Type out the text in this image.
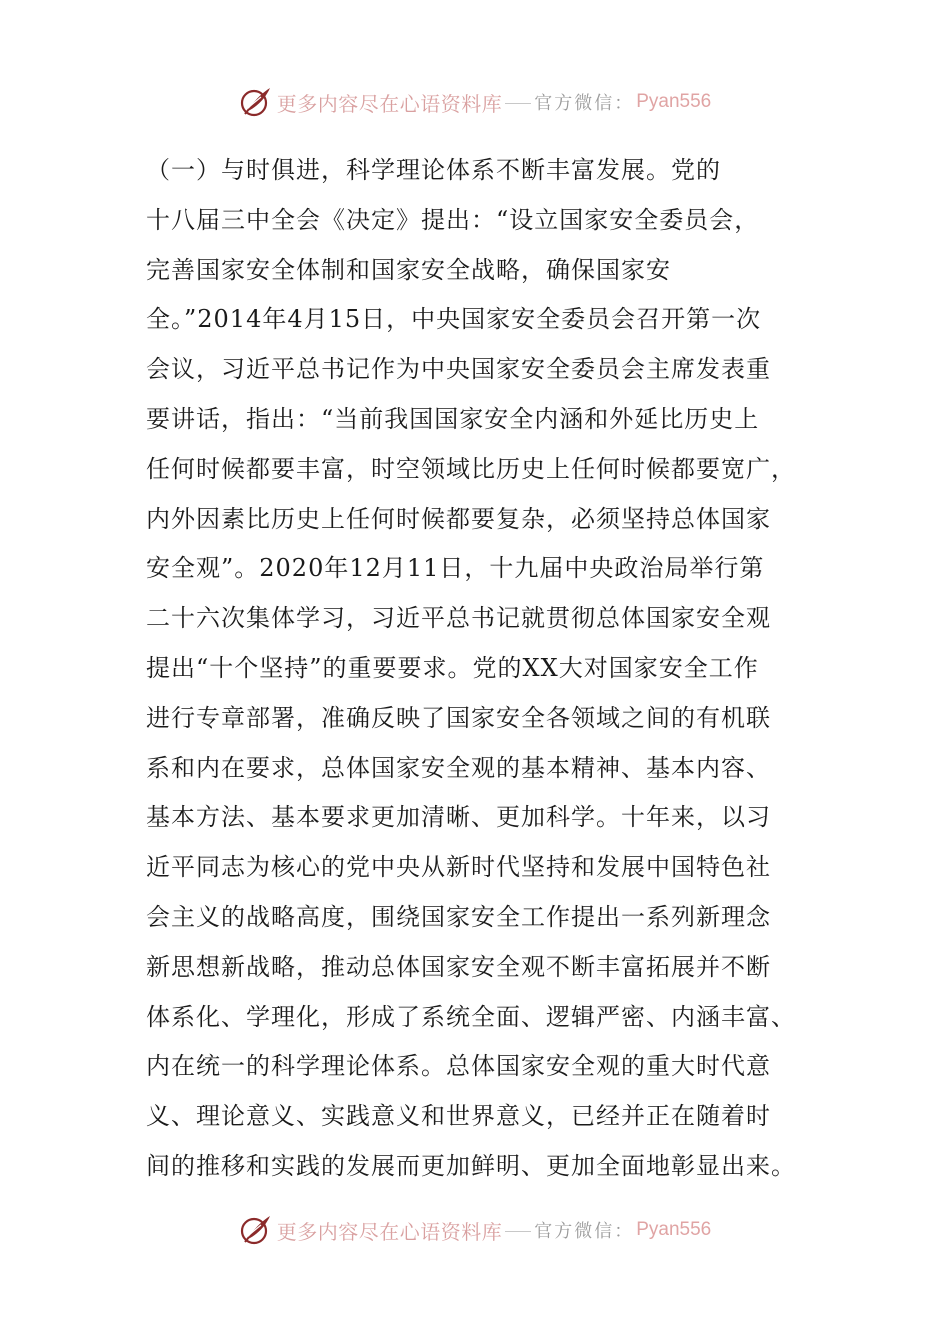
更多内容尽在心语资料库 官方微信： Pyan556
（一）与时俱进，科学理论体系不断丰富发展。党的
十八届三中全会《决定》提出：“设立国家安全委员会，
完善国家安全体制和国家安全战略，确保国家安
全。”2014年4月15日，中央国家安全委员会召开第一次
会议，习近平总书记作为中央国家安全委员会主席发表重
要讲话，指出：“当前我国国家安全内涵和外延比历史上
任何时候都要丰富，时空领域比历史上任何时候都要宽广，
内外因素比历史上任何时候都要复杂，必须坚持总体国家
安全观”。2020年12月11日，十九届中央政治局举行第
二十六次集体学习，习近平总书记就贯彻总体国家安全观
提出“十个坚持”的重要要求。党的XX大对国家安全工作
进行专章部署，准确反映了国家安全各领域之间的有机联
系和内在要求，总体国家安全观的基本精神、基本内容、
基本方法、基本要求更加清晰、更加科学。十年来，以习
近平同志为核心的党中央从新时代坚持和发展中国特色社
会主义的战略高度，围绕国家安全工作提出一系列新理念
新思想新战略，推动总体国家安全观不断丰富拓展并不断
体系化、学理化，形成了系统全面、逻辑严密、内涵丰富、
内在统一的科学理论体系。总体国家安全观的重大时代意
义、理论意义、实践意义和世界意义，已经并正在随着时
间的推移和实践的发展而更加鲜明、更加全面地彰显出来。
更多内容尽在心语资料库 官方微信： Pyan556
